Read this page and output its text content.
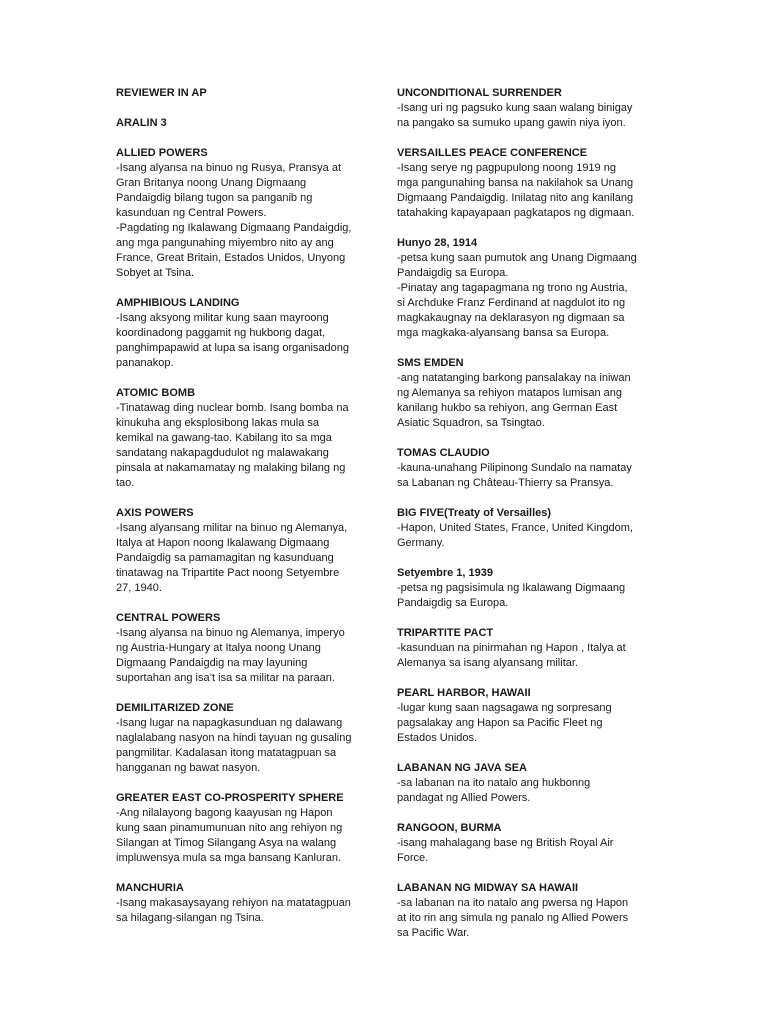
REVIEWER IN AP

ARALIN 3

ALLIED POWERS

-Isang alyansa na binuo ng Rusya, Pransya at
Gran Britanya noong Unang Digmaang
Pandaigdig bilang tugon sa panganib ng
kasunduan ng Central Powers.
-Pagdating ng Ikalawang Digmaang Pandaigdig,
ang mga pangunahing miyembro nito ay ang
France, Great Britain, Estados Unidos, Unyong
Sobyet at Tsina.

AMPHIBIOUS LANDING

-Isang aksyong militar kung saan mayroong
koordinadong paggamit ng hukbong dagat,
panghimpapawid at lupa sa isang organisadong
pananakop.

ATOMIC BOMB

-Tinatawag ding nuclear bomb. Isang bomba na
kinukuha ang eksplosibong lakas mula sa
kemikal na gawang-tao. Kabilang ito sa mga
sandatang nakapagdudulot ng malawakang
pinsala at nakamamatay ng malaking bilang ng
tao.

AXIS POWERS

-Isang alyansang militar na binuo ng Alemanya,
Italya at Hapon noong Ikalawang Digmaang
Pandaigdig sa pamamagitan ng kasunduang
tinatawag na Tripartite Pact noong Setyembre
27, 1940.

CENTRAL POWERS

-Isang alyansa na binuo ng Alemanya, imperyo
ng Austria-Hungary at Italya noong Unang
Digmaang Pandaigdig na may layuning
suportahan ang isa’t isa sa militar na paraan.

DEMILITARIZED ZONE

-Isang lugar na napagkasunduan ng dalawang
naglalabang nasyon na hindi tayuan ng gusaling
pangmilitar. Kadalasan itong matatagpuan sa
hangganan ng bawat nasyon.

GREATER EAST CO-PROSPERITY SPHERE

-Ang nilalayong bagong kaayusan ng Hapon
kung saan pinamumunuan nito ang rehiyon ng
Silangan at Timog Silangang Asya na walang
impluwensya mula sa mga bansang Kanluran.

MANCHURIA

-Isang makasaysayang rehiyon na matatagpuan
sa hilagang-silangan ng Tsina.

UNCONDITIONAL SURRENDER

-Isang uri ng pagsuko kung saan walang binigay
na pangako sa sumuko upang gawin niya iyon.

VERSAILLES PEACE CONFERENCE

-Isang serye ng pagpupulong noong 1919 ng
mga pangunahing bansa na nakilahok sa Unang
Digmaang Pandaigdig. Inilatag nito ang kanilang
tatahaking kapayapaan pagkatapos ng digmaan.

Hunyo 28, 1914

-petsa kung saan pumutok ang Unang Digmaang
Pandaigdig sa Europa.
-Pinatay ang tagapagmana ng trono ng Austria,
si Archduke Franz Ferdinand at nagdulot ito ng
magkakaugnay na deklarasyon ng digmaan sa
mga magkaka-alyansang bansa sa Europa.

SMS EMDEN

-ang natatanging barkong pansalakay na iniwan
ng Alemanya sa rehiyon matapos lumisan ang
kanilang hukbo sa rehiyon, ang German East
Asiatic Squadron, sa Tsingtao.

TOMAS CLAUDIO

-kauna-unahang Pilipinong Sundalo na namatay
sa Labanan ng Château-Thierry sa Pransya.

BIG FIVE(Treaty of Versailles)

-Hapon, United States, France, United Kingdom,
Germany.

Setyembre 1, 1939

-petsa ng pagsisimula ng Ikalawang Digmaang
Pandaigdig sa Europa.

TRIPARTITE PACT

-kasunduan na pinirmahan ng Hapon , Italya at
Alemanya sa isang alyansang militar.

PEARL HARBOR, HAWAII

-lugar kung saan nagsagawa ng sorpresang
pagsalakay ang Hapon sa Pacific Fleet ng
Estados Unidos.

LABANAN NG JAVA SEA

-sa labanan na ito natalo ang hukbonng
pandagat ng Allied Powers.

RANGOON, BURMA

-isang mahalagang base ng British Royal Air
Force.

LABANAN NG MIDWAY SA HAWAII

-sa labanan na ito natalo ang pwersa ng Hapon
at ito rin ang simula ng panalo ng Allied Powers
sa Pacific War.
